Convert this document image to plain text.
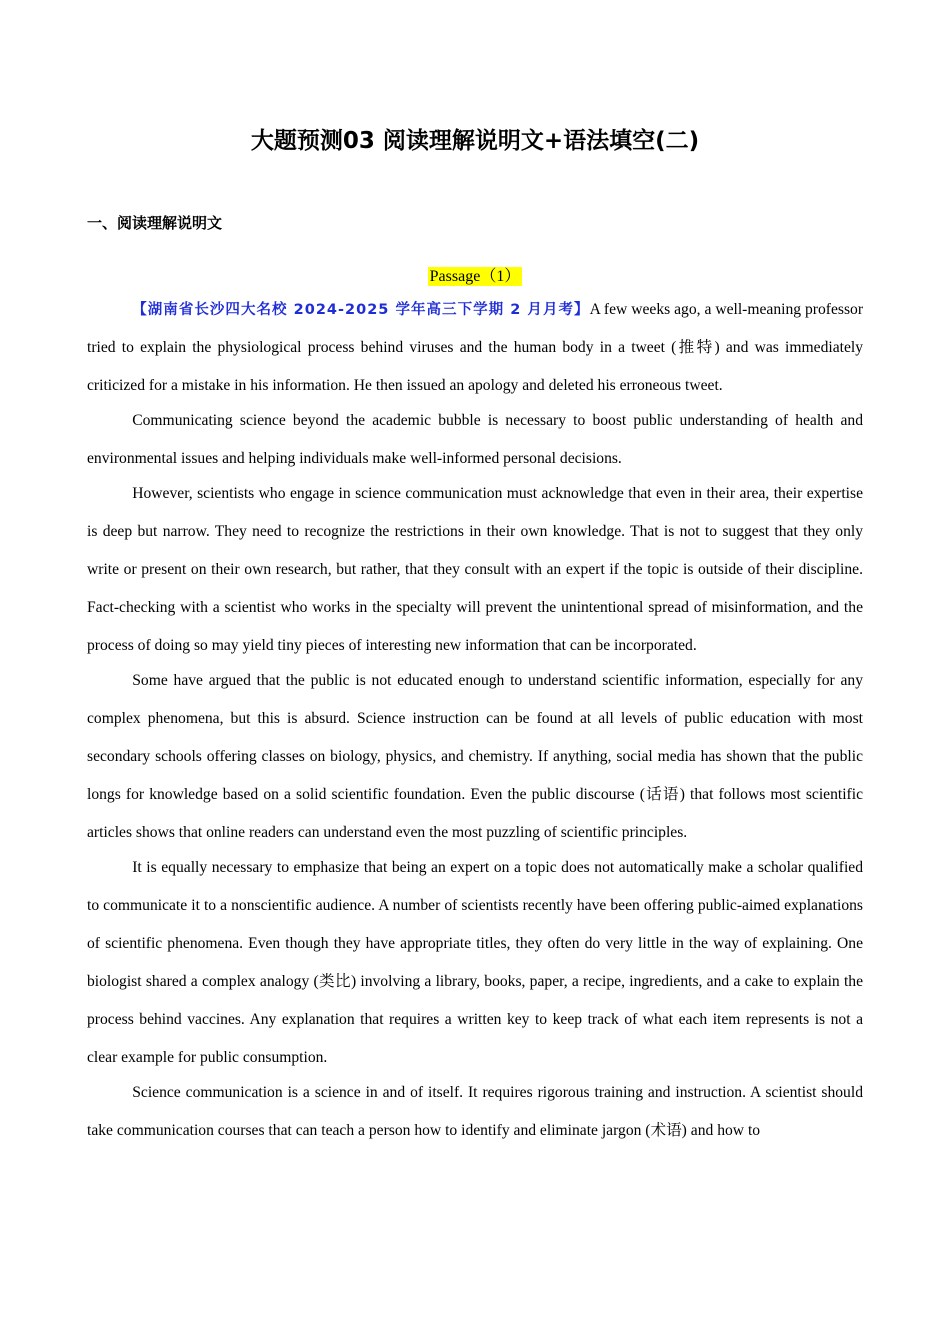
大题预测03 阅读理解说明文+语法填空(二)
一、阅读理解说明文
Passage（1）

【湖南省长沙四大名校 2024-2025 学年高三下学期 2 月月考】A few weeks ago, a well-meaning professor tried to explain the physiological process behind viruses and the human body in a tweet (推特) and was immediately criticized for a mistake in his information. He then issued an apology and deleted his erroneous tweet.

Communicating science beyond the academic bubble is necessary to boost public understanding of health and environmental issues and helping individuals make well-informed personal decisions.

However, scientists who engage in science communication must acknowledge that even in their area, their expertise is deep but narrow. They need to recognize the restrictions in their own knowledge. That is not to suggest that they only write or present on their own research, but rather, that they consult with an expert if the topic is outside of their discipline. Fact-checking with a scientist who works in the specialty will prevent the unintentional spread of misinformation, and the process of doing so may yield tiny pieces of interesting new information that can be incorporated.

Some have argued that the public is not educated enough to understand scientific information, especially for any complex phenomena, but this is absurd. Science instruction can be found at all levels of public education with most secondary schools offering classes on biology, physics, and chemistry. If anything, social media has shown that the public longs for knowledge based on a solid scientific foundation. Even the public discourse (话语) that follows most scientific articles shows that online readers can understand even the most puzzling of scientific principles.

It is equally necessary to emphasize that being an expert on a topic does not automatically make a scholar qualified to communicate it to a nonscientific audience. A number of scientists recently have been offering public-aimed explanations of scientific phenomena. Even though they have appropriate titles, they often do very little in the way of explaining. One biologist shared a complex analogy (类比) involving a library, books, paper, a recipe, ingredients, and a cake to explain the process behind vaccines. Any explanation that requires a written key to keep track of what each item represents is not a clear example for public consumption.

Science communication is a science in and of itself. It requires rigorous training and instruction. A scientist should take communication courses that can teach a person how to identify and eliminate jargon (术语) and how to
